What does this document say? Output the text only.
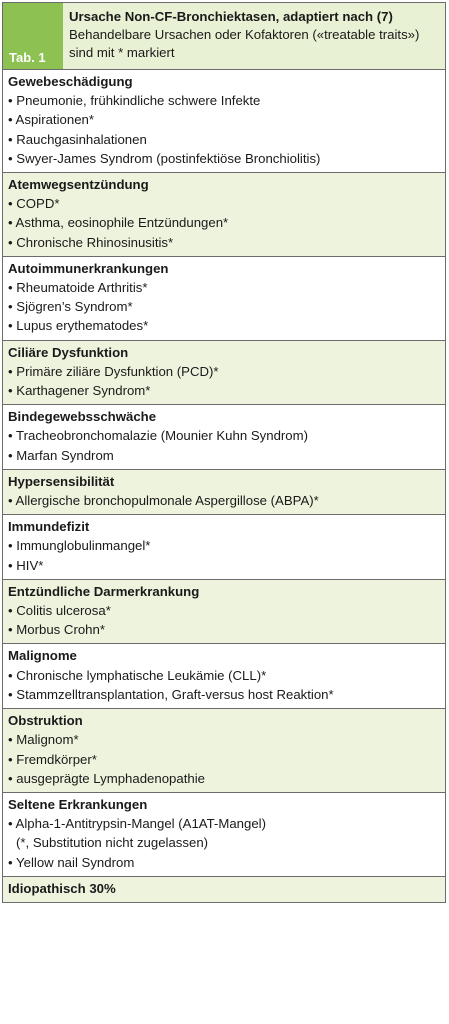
Tab. 1
Ursache Non-CF-Bronchiektasen, adaptiert nach (7)
Behandelbare Ursachen oder Kofaktoren («treatable traits») sind mit * markiert
Gewebeschädigung
• Pneumonie, frühkindliche schwere Infekte
• Aspirationen*
• Rauchgasinhalationen
• Swyer-James Syndrom (postinfektiöse Bronchiolitis)
Atemwegsentzündung
• COPD*
• Asthma, eosinophile Entzündungen*
• Chronische Rhinosinusitis*
Autoimmunerkrankungen
• Rheumatoide Arthritis*
• Sjögren’s Syndrom*
• Lupus erythematodes*
Ciliäre Dysfunktion
• Primäre ziliäre Dysfunktion (PCD)*
• Karthagener Syndrom*
Bindegewebsschwäche
• Tracheobronchomalazie (Mounier Kuhn Syndrom)
• Marfan Syndrom
Hypersensibilität
• Allergische bronchopulmonale Aspergillose (ABPA)*
Immundefizit
• Immunglobulinmangel*
• HIV*
Entzündliche Darmerkrankung
• Colitis ulcerosa*
• Morbus Crohn*
Malignome
• Chronische lymphatische Leukämie (CLL)*
• Stammzelltransplantation, Graft-versus host Reaktion*
Obstruktion
• Malignom*
• Fremdkörper*
• ausgeprägte Lymphadenopathie
Seltene Erkrankungen
• Alpha-1-Antitrypsin-Mangel (A1AT-Mangel)
(*, Substitution nicht zugelassen)
• Yellow nail Syndrom
Idiopathisch 30%
